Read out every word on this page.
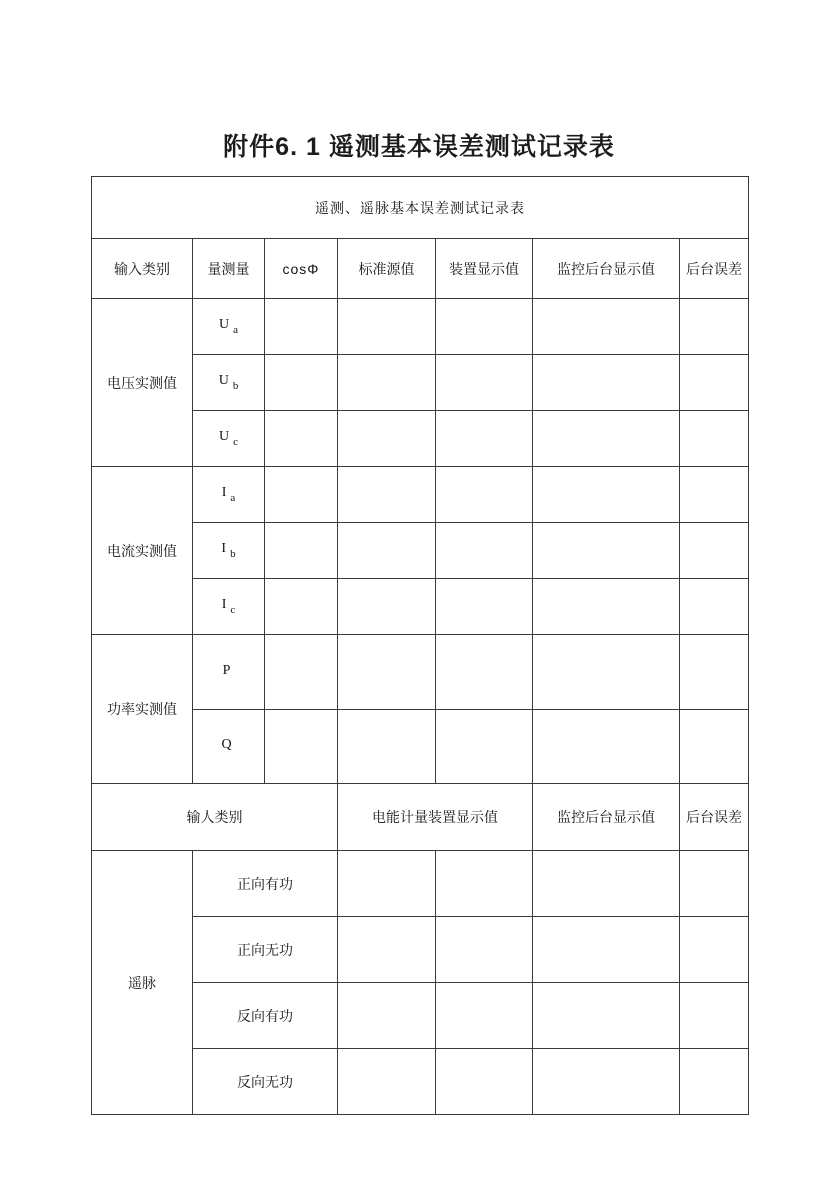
附件6. 1 遥测基本误差测试记录表
遥测、遥脉基本误差测试记录表						
输入类别	量测量	cosΦ	标准源值	装置显示值	监控后台显示值	后台误差
电压实测值	U $_a$					
	U $_b$					
	U $_c$					
电流实测值	I $_a$					
	I $_b$					
	I $_c$					
功率实测值	P					
	Q					
输人类别			电能计量装置显示值		监控后台显示值	后台误差
遥脉	正向有功					
	正向无功					
	反向有功					
	反向无功					
